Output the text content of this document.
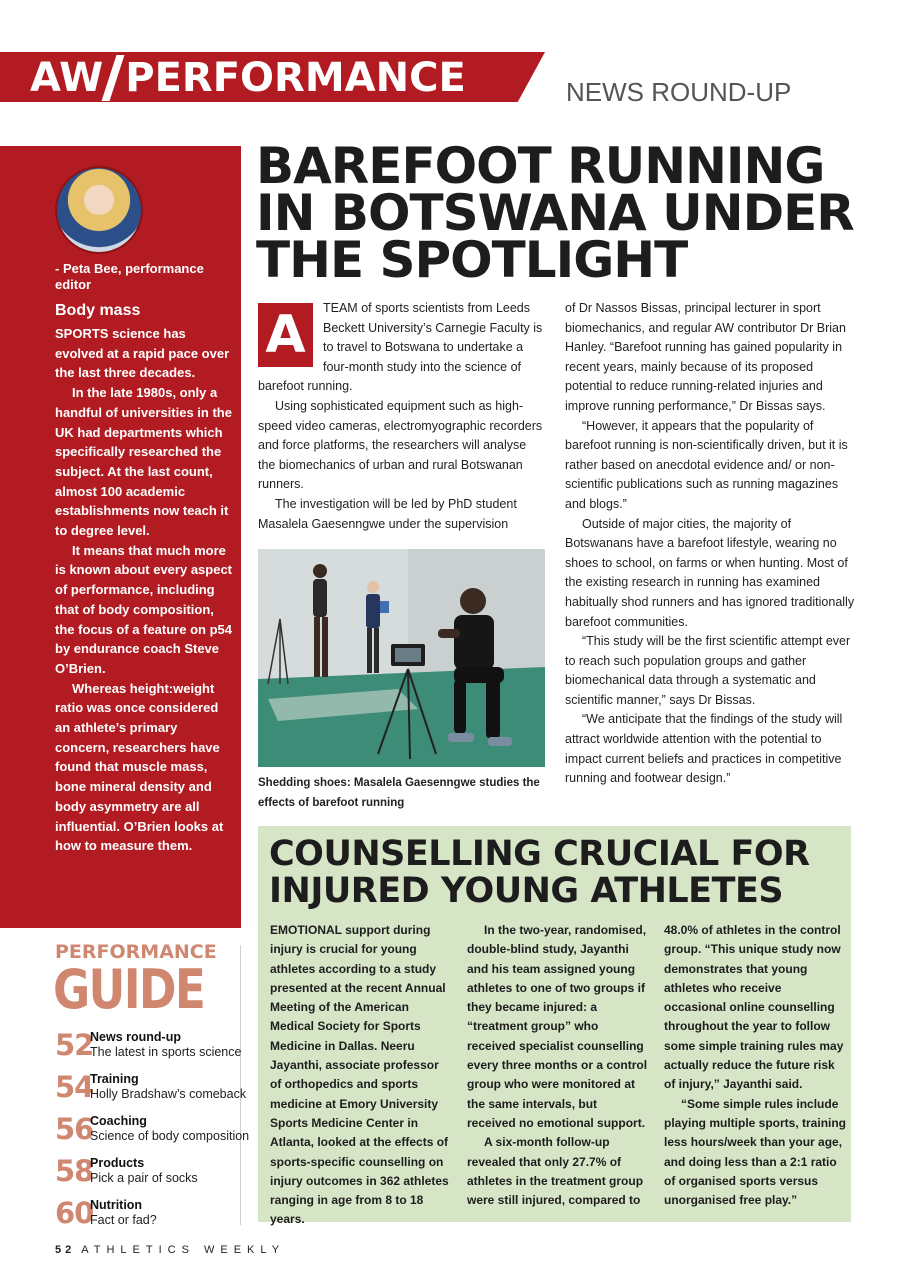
AW PERFORMANCE	NEWS ROUND-UP
- Peta Bee, performance editor
Body mass

SPORTS science has evolved at a rapid pace over the last three decades.

In the late 1980s, only a handful of universities in the UK had departments which specifically researched the subject. At the last count, almost 100 academic establishments now teach it to degree level.

It means that much more is known about every aspect of performance, including that of body composition, the focus of a feature on p54 by endurance coach Steve O’Brien.

Whereas height:weight ratio was once considered an athlete’s primary concern, researchers have found that muscle mass, bone mineral density and body asymmetry are all influential. O’Brien looks at how to measure them.

PERFORMANCE
GUIDE
52
News round-up
The latest in sports science
54
Training
Holly Bradshaw’s comeback
56
Coaching
Science of body composition
58
Products
Pick a pair of socks
60
Nutrition
Fact or fad?
BAREFOOT RUNNING IN BOTSWANA UNDER THE SPOTLIGHT

A	TEAM of sports scientists from Leeds Beckett University’s Carnegie Faculty is to travel to Botswana to undertake a four-month study into the science of barefoot running.

Using sophisticated equipment such as high-speed video cameras, electromyographic recorders and force platforms, the researchers will analyse the biomechanics of urban and rural Botswanan runners.

The investigation will be led by PhD student Masalela Gaesenngwe under the supervision

of Dr Nassos Bissas, principal lecturer in sport biomechanics, and regular AW contributor Dr Brian Hanley. “Barefoot running has gained popularity in recent years, mainly because of its proposed potential to reduce running-related injuries and improve running performance,” Dr Bissas says.

“However, it appears that the popularity of barefoot running is non-scientifically driven, but it is rather based on anecdotal evidence and/ or non-scientific publications such as running magazines and blogs.”

Outside of major cities, the majority of Botswanans have a barefoot lifestyle, wearing no shoes to school, on farms or when hunting. Most of the existing research in running has examined habitually shod runners and has ignored traditionally barefoot communities.

“This study will be the first scientific attempt ever to reach such population groups and gather biomechanical data through a systematic and scientific manner,” says Dr Bissas.

“We anticipate that the findings of the study will attract worldwide attention with the potential to impact current beliefs and practices in competitive running and footwear design.”

Shedding shoes: Masalela Gaesenngwe studies the effects of barefoot running
COUNSELLING CRUCIAL FOR INJURED YOUNG ATHLETES

EMOTIONAL support during injury is crucial for young athletes according to a study presented at the recent Annual Meeting of the American Medical Society for Sports Medicine in Dallas. Neeru Jayanthi, associate professor of orthopedics and sports medicine at Emory University Sports Medicine Center in Atlanta, looked at the effects of sports-specific counselling on injury outcomes in 362 athletes ranging in age from 8 to 18 years.

In the two-year, randomised, double-blind study, Jayanthi and his team assigned young athletes to one of two groups if they became injured: a “treatment group” who received specialist counselling every three months or a control group who were monitored at the same intervals, but received no emotional support.

A six-month follow-up revealed that only 27.7% of athletes in the treatment group were still injured, compared to

48.0% of athletes in the control group. “This unique study now demonstrates that young athletes who receive occasional online counselling throughout the year to follow some simple training rules may actually reduce the future risk of injury,” Jayanthi said.

“Some simple rules include playing multiple sports, training less hours/week than your age, and doing less than a 2:1 ratio of organised sports versus unorganised free play.”

52 ATHLETICS WEEKLY
